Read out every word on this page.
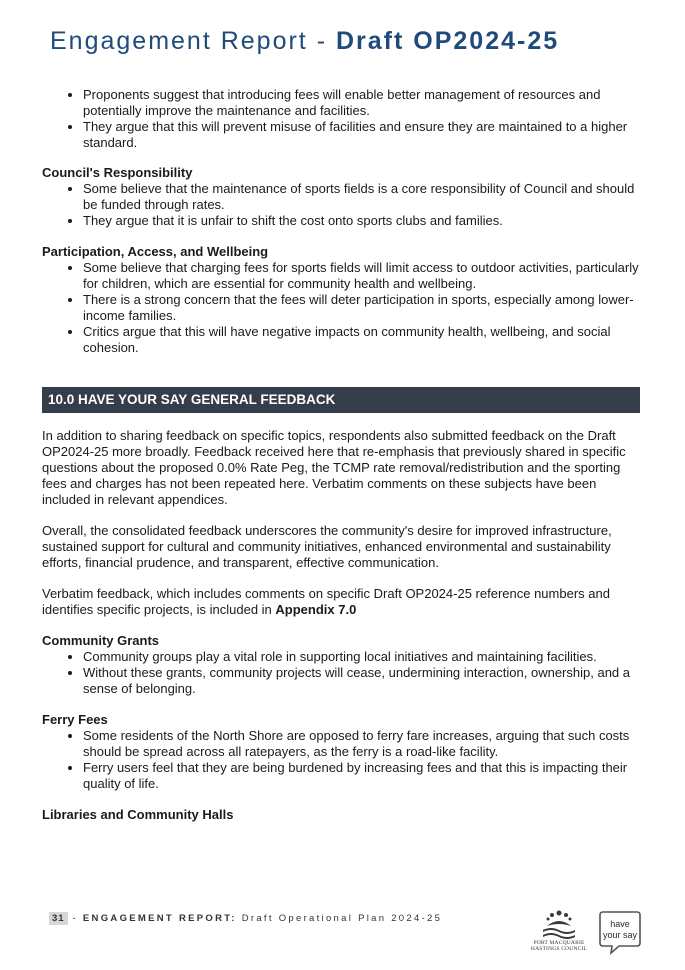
Engagement Report - Draft OP2024-25
• Proponents suggest that introducing fees will enable better management of resources and potentially improve the maintenance and facilities.
• They argue that this will prevent misuse of facilities and ensure they are maintained to a higher standard.
Council's Responsibility
• Some believe that the maintenance of sports fields is a core responsibility of Council and should be funded through rates.
• They argue that it is unfair to shift the cost onto sports clubs and families.
Participation, Access, and Wellbeing
• Some believe that charging fees for sports fields will limit access to outdoor activities, particularly for children, which are essential for community health and wellbeing.
• There is a strong concern that the fees will deter participation in sports, especially among lower-income families.
• Critics argue that this will have negative impacts on community health, wellbeing, and social cohesion.
10.0 HAVE YOUR SAY GENERAL FEEDBACK

In addition to sharing feedback on specific topics, respondents also submitted feedback on the Draft OP2024-25 more broadly. Feedback received here that re-emphasis that previously shared in specific questions about the proposed 0.0% Rate Peg, the TCMP rate removal/redistribution and the sporting fees and charges has not been repeated here. Verbatim comments on these subjects have been included in relevant appendices.

Overall, the consolidated feedback underscores the community's desire for improved infrastructure, sustained support for cultural and community initiatives, enhanced environmental and sustainability efforts, financial prudence, and transparent, effective communication.

Verbatim feedback, which includes comments on specific Draft OP2024-25 reference numbers and identifies specific projects, is included in Appendix 7.0

Community Grants
• Community groups play a vital role in supporting local initiatives and maintaining facilities.
• Without these grants, community projects will cease, undermining interaction, ownership, and a sense of belonging.
Ferry Fees
• Some residents of the North Shore are opposed to ferry fare increases, arguing that such costs should be spread across all ratepayers, as the ferry is a road-like facility.
• Ferry users feel that they are being burdened by increasing fees and that this is impacting their quality of life.
Libraries and Community Halls
31 - ENGAGEMENT REPORT: Draft Operational Plan 2024-25
PORT MACQUARIE
HASTINGS COUNCIL
have
your say
